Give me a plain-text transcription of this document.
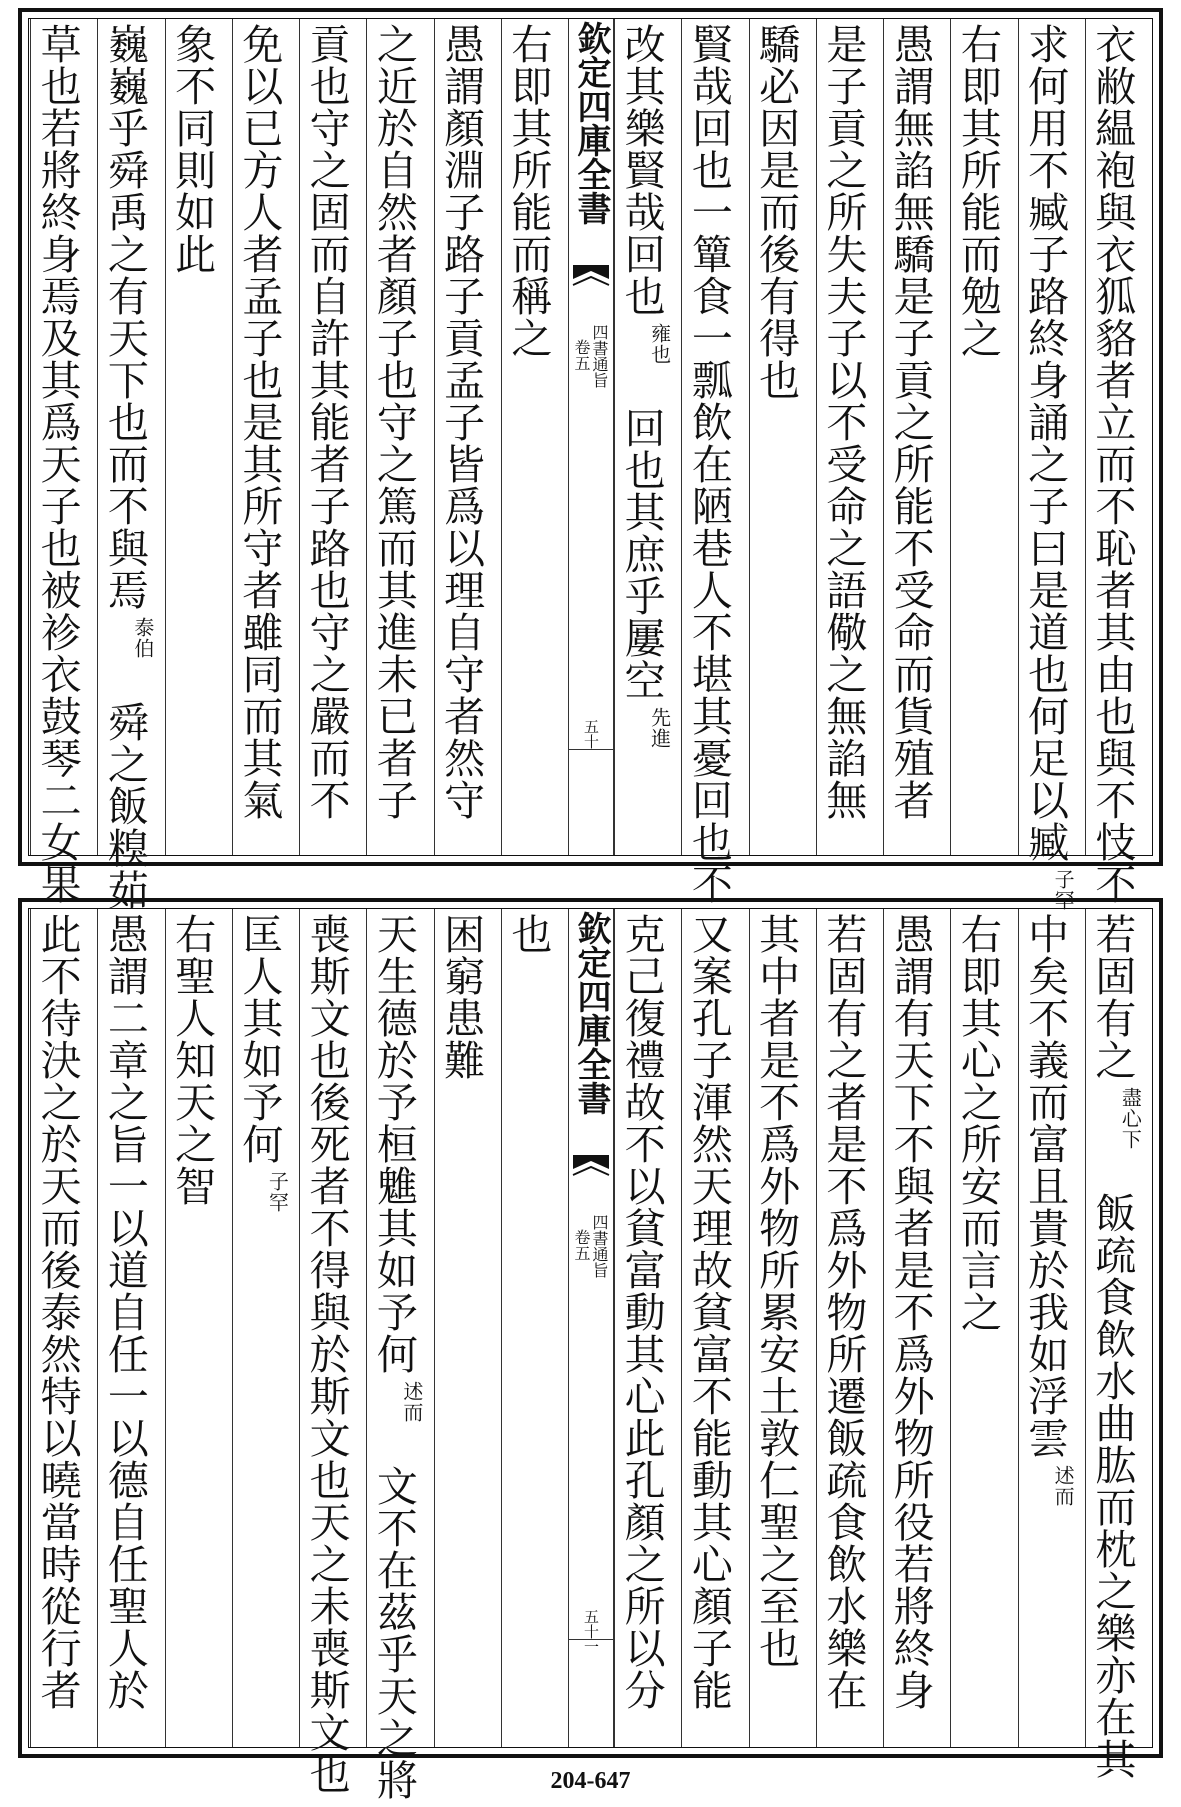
衣敝緼袍與衣狐貉者立而不恥者其由也與不忮不
求何用不臧子路終身誦之子曰是道也何足以臧子罕
右即其所能而勉之
愚謂無諂無驕是子貢之所能不受命而貨殖者
是子貢之所失夫子以不受命之語儆之無諂無
驕必因是而後有得也
賢哉回也一簞食一瓢飲在陋巷人不堪其憂回也不
改其樂賢哉回也雍也　回也其庶乎屢空先進
右即其所能而稱之
愚謂顏淵子路子貢孟子皆爲以理自守者然守
之近於自然者顏子也守之篤而其進未已者子
貢也守之固而自許其能者子路也守之嚴而不
免以已方人者孟子也是其所守者雖同而其氣
象不同則如此
巍巍乎舜禹之有天下也而不與焉泰伯　舜之飯糗茹
草也若將終身焉及其爲天子也被袗衣鼓琴二女果	欽定四庫全書
四書通旨
卷五
五十
若固有之盡心下　飯疏食飲水曲肱而枕之樂亦在其
中矣不義而富且貴於我如浮雲述而
右即其心之所安而言之
愚謂有天下不與者是不爲外物所役若將終身
若固有之者是不爲外物所遷飯疏食飲水樂在
其中者是不爲外物所累安土敦仁聖之至也
又案孔子渾然天理故貧富不能動其心顏子能
克己復禮故不以貧富動其心此孔顏之所以分
也
困窮患難
天生德於予桓魋其如予何述而　文不在茲乎天之將
喪斯文也後死者不得與於斯文也天之未喪斯文也
匡人其如予何子罕
右聖人知天之智
愚謂二章之旨一以道自任一以德自任聖人於
此不待決之於天而後泰然特以曉當時從行者	欽定四庫全書
四書通旨
卷五
五十一
204-647
